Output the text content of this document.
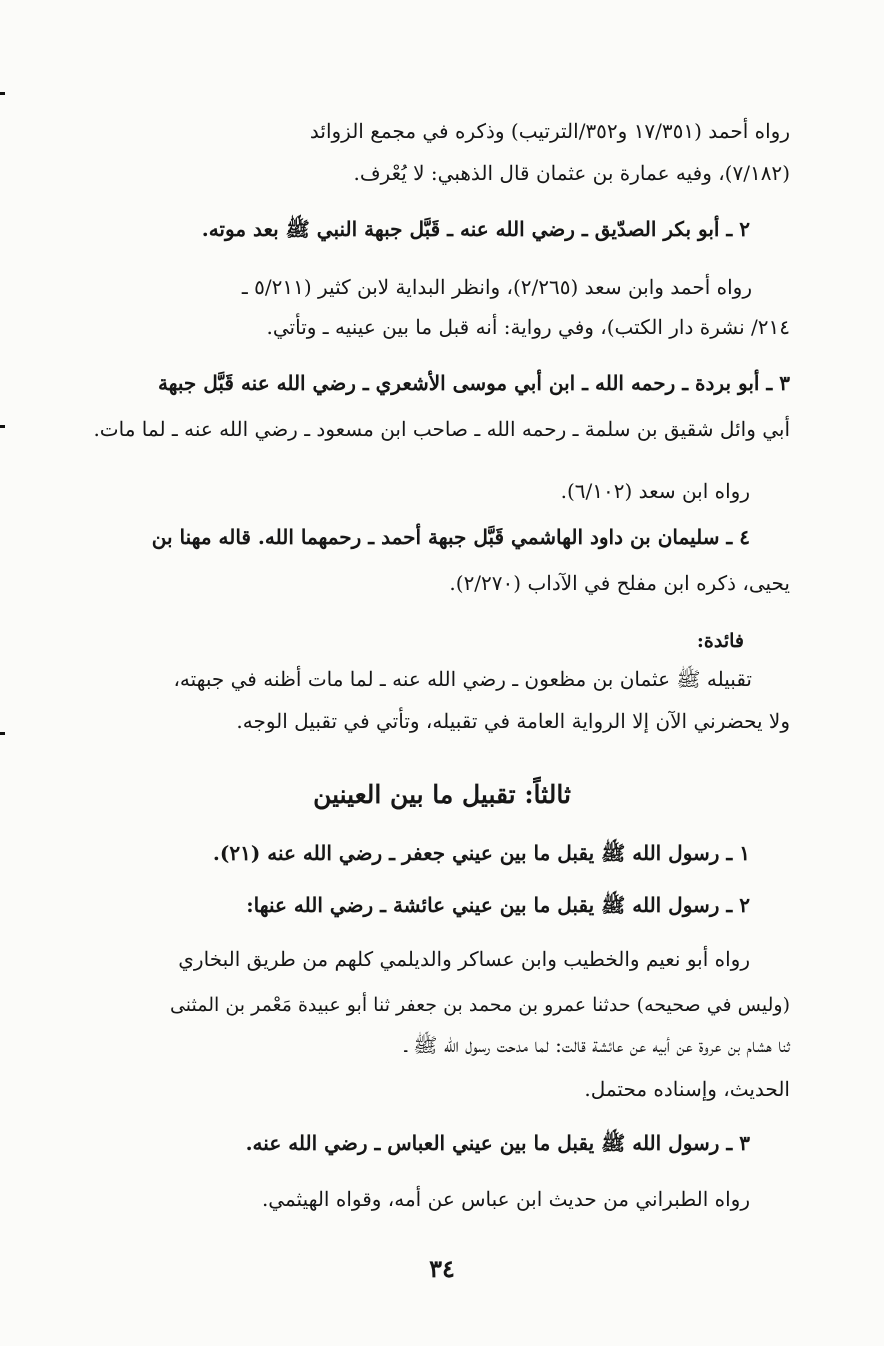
رواه أحمد (١٧/٣٥١ و٣٥٢/الترتيب) وذكره في مجمع الزوائد
(٧/١٨٢)، وفيه عمارة بن عثمان قال الذهبي: لا يُعْرف.
٢ ـ أبو بكر الصدّيق ـ رضي الله عنه ـ قَبَّل جبهة النبي ﷺ بعد موته.
رواه أحمد وابن سعد (٢/٢٦٥)، وانظر البداية لابن كثير (٥/٢١١ ـ
٢١٤/ نشرة دار الكتب)، وفي رواية: أنه قبل ما بين عينيه ـ وتأتي.
٣ ـ أبو بردة ـ رحمه الله ـ ابن أبي موسى الأشعري ـ رضي الله عنه قَبَّل جبهة
أبي وائل شقيق بن سلمة ـ رحمه الله ـ صاحب ابن مسعود ـ رضي الله عنه ـ لما مات.
رواه ابن سعد (٦/١٠٢).
٤ ـ سليمان بن داود الهاشمي قَبَّل جبهة أحمد ـ رحمهما الله. قاله مهنا بن
يحيى، ذكره ابن مفلح في الآداب (٢/٢٧٠).
فائدة:
تقبيله ﷺ عثمان بن مظعون ـ رضي الله عنه ـ لما مات أظنه في جبهته،
ولا يحضرني الآن إلا الرواية العامة في تقبيله، وتأتي في تقبيل الوجه.
ثالثاً: تقبيل ما بين العينين
١ ـ رسول الله ﷺ يقبل ما بين عيني جعفر ـ رضي الله عنه (٢١).
٢ ـ رسول الله ﷺ يقبل ما بين عيني عائشة ـ رضي الله عنها:
رواه أبو نعيم والخطيب وابن عساكر والديلمي كلهم من طريق البخاري
(وليس في صحيحه) حدثنا عمرو بن محمد بن جعفر ثنا أبو عبيدة مَعْمر بن المثنى
ثنا هشام بن عروة عن أبيه عن عائشة قالت: لما مدحت رسول الله ﷺ ـ
الحديث، وإسناده محتمل.
٣ ـ رسول الله ﷺ يقبل ما بين عيني العباس ـ رضي الله عنه.
رواه الطبراني من حديث ابن عباس عن أمه، وقواه الهيثمي.
٣٤
